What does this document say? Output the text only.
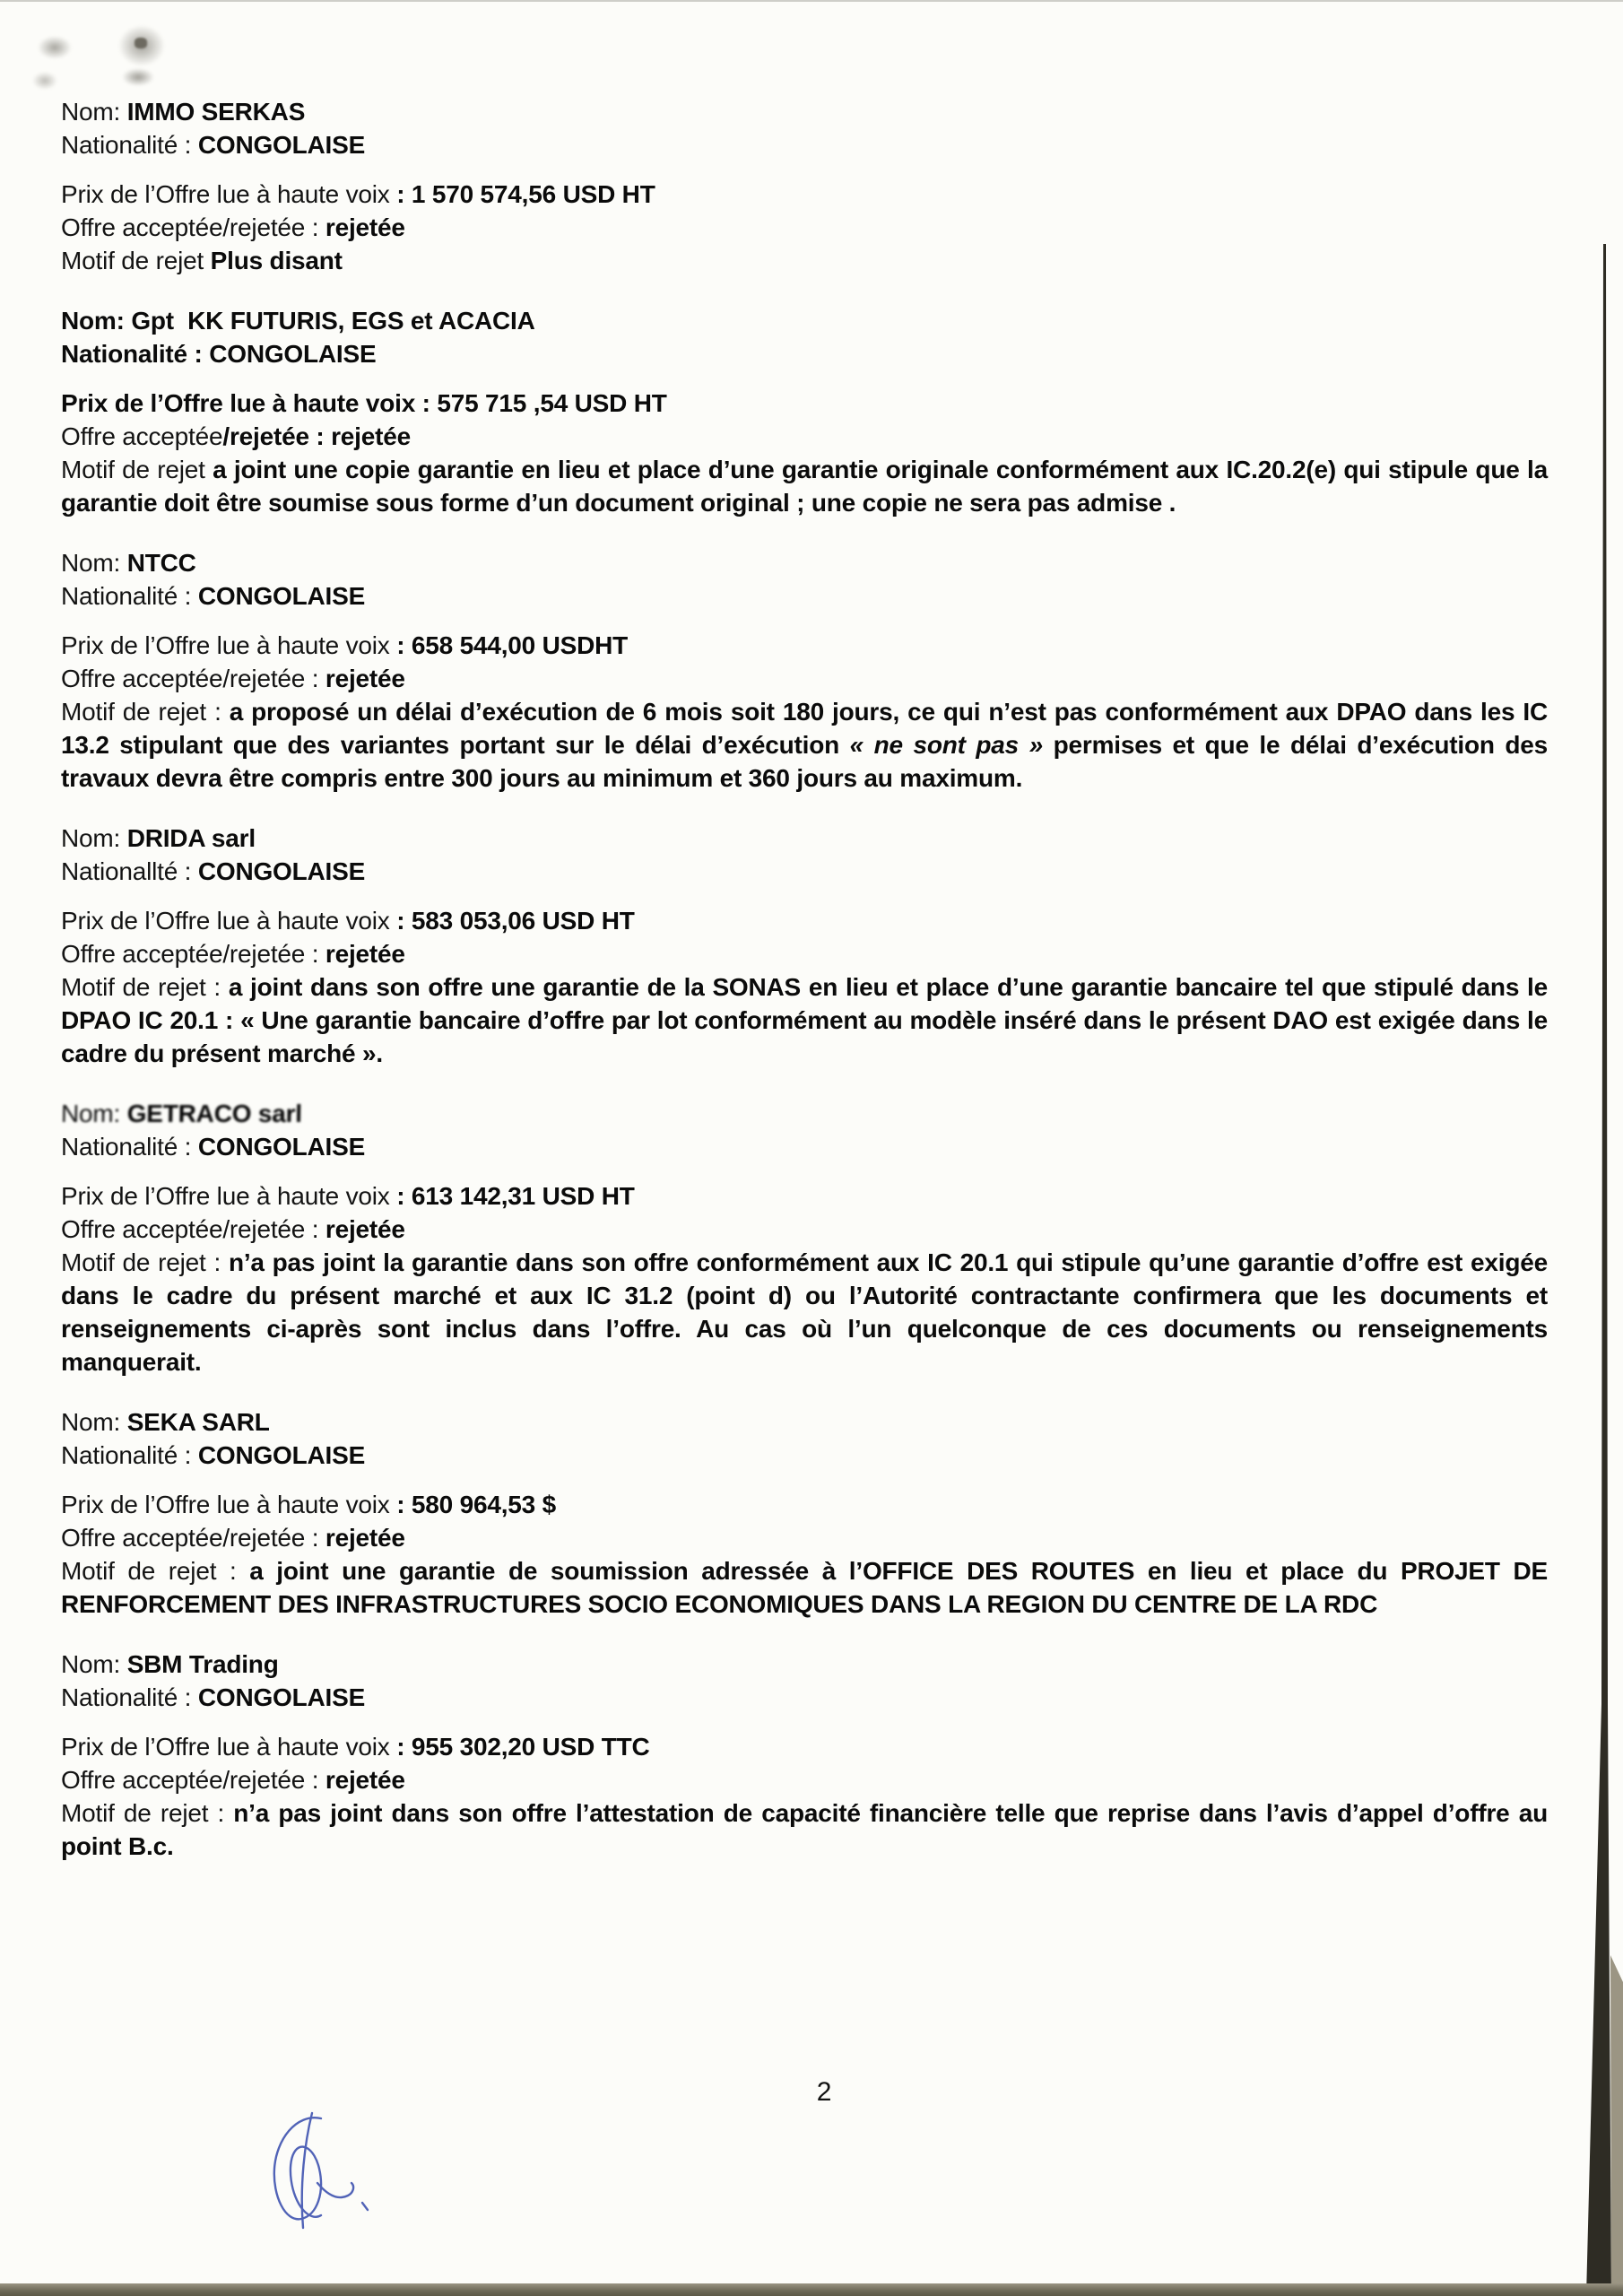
Nom: IMMO SERKAS
Nationalité : CONGOLAISE
Prix de l’Offre lue à haute voix : 1 570 574,56 USD HT
Offre acceptée/rejetée : rejetée

Motif de rejet Plus disant

Nom: Gpt  KK FUTURIS, EGS et ACACIA
Nationalité : CONGOLAISE
Prix de l’Offre lue à haute voix : 575 715 ,54 USD HT
Offre acceptée/rejetée : rejetée

Motif de rejet a joint une copie garantie en lieu et place d’une garantie originale conformément aux IC.20.2(e) qui stipule que la garantie doit être soumise sous forme d’un document original ; une copie ne sera pas admise .

Nom: NTCC
Nationalité : CONGOLAISE
Prix de l’Offre lue à haute voix : 658 544,00 USDHT
Offre acceptée/rejetée : rejetée

Motif de rejet : a proposé un délai d’exécution de 6 mois soit 180 jours, ce qui n’est pas conformément aux DPAO dans les IC 13.2 stipulant que des variantes portant sur le délai d’exécution « ne sont pas » permises et que le délai d’exécution des travaux devra être compris entre 300 jours au minimum et 360 jours au maximum.

Nom: DRIDA sarl
Nationallté : CONGOLAISE
Prix de l’Offre lue à haute voix : 583 053,06 USD HT
Offre acceptée/rejetée : rejetée

Motif de rejet : a joint dans son offre une garantie de la SONAS en lieu et place d’une garantie bancaire tel que stipulé dans le DPAO IC 20.1 : « Une garantie bancaire d’offre par lot conformément au modèle inséré dans le présent DAO est exigée dans le cadre du présent marché ».

Nom: GETRACO sarl
Nationalité : CONGOLAISE
Prix de l’Offre lue à haute voix : 613 142,31 USD HT
Offre acceptée/rejetée : rejetée

Motif de rejet : n’a pas joint la garantie dans son offre conformément aux IC 20.1 qui stipule qu’une garantie d’offre est exigée dans le cadre du présent marché et aux IC 31.2 (point d) ou l’Autorité contractante confirmera que les documents et renseignements ci-après sont inclus dans l’offre. Au cas où l’un quelconque de ces documents ou renseignements manquerait.

Nom: SEKA SARL
Nationalité : CONGOLAISE
Prix de l’Offre lue à haute voix : 580 964,53 $
Offre acceptée/rejetée : rejetée

Motif de rejet : a joint une garantie de soumission adressée à l’OFFICE DES ROUTES en lieu et place du PROJET DE RENFORCEMENT DES INFRASTRUCTURES SOCIO ECONOMIQUES DANS LA REGION DU CENTRE DE LA RDC

Nom: SBM Trading
Nationalité : CONGOLAISE
Prix de l’Offre lue à haute voix : 955 302,20 USD TTC
Offre acceptée/rejetée : rejetée

Motif de rejet : n’a pas joint dans son offre l’attestation de capacité financière telle que reprise dans l’avis d’appel d’offre au point B.c.

2
